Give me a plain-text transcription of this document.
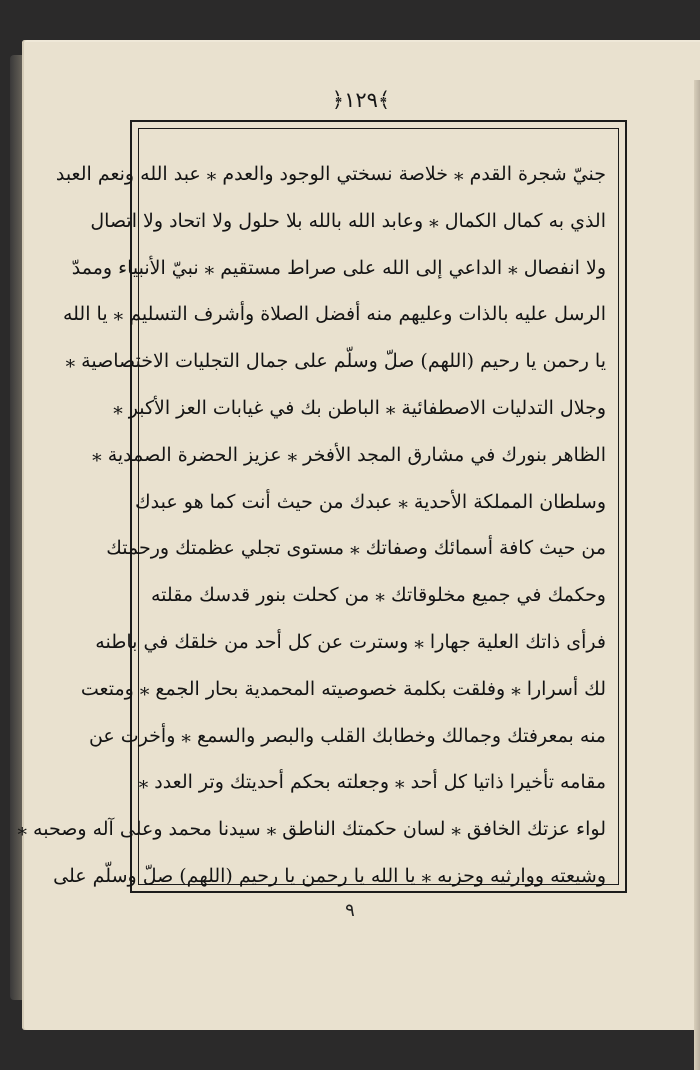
﴿١٢٩﴾
جنيّ شجرة القدم ⁎ خلاصة نسختي الوجود والعدم ⁎ عبد الله ونعم العبد
الذي به كمال الكمال ⁎ وعابد الله بالله بلا حلول ولا اتحاد ولا اتصال
ولا انفصال ⁎ الداعي إلى الله على صراط مستقيم ⁎ نبيّ الأنبياء وممدّ
الرسل عليه بالذات وعليهم منه أفضل الصلاة وأشرف التسليم ⁎ يا الله
يا رحمن يا رحيم (اللهم) صلّ وسلّم على جمال التجليات الاختصاصية ⁎
وجلال التدليات الاصطفائية ⁎ الباطن بك في غيابات العز الأكبر ⁎
الظاهر بنورك في مشارق المجد الأفخر ⁎ عزيز الحضرة الصمدية ⁎
وسلطان المملكة الأحدية ⁎ عبدك من حيث أنت كما هو عبدك
من حيث كافة أسمائك وصفاتك ⁎ مستوى تجلي عظمتك ورحمتك
وحكمك في جميع مخلوقاتك ⁎ من كحلت بنور قدسك مقلته
فرأى ذاتك العلية جهارا ⁎ وسترت عن كل أحد من خلقك في باطنه
لك أسرارا ⁎ وفلقت بكلمة خصوصيته المحمدية بحار الجمع ⁎ ومتعت
منه بمعرفتك وجمالك وخطابك القلب والبصر والسمع ⁎ وأخرت عن
مقامه تأخيرا ذاتيا كل أحد ⁎ وجعلته بحكم أحديتك وتر العدد ⁎
لواء عزتك الخافق ⁎ لسان حكمتك الناطق ⁎ سيدنا محمد وعلى آله وصحبه ⁎
وشيعته ووارثيه وحزبه ⁎ يا الله يا رحمن يا رحيم (اللهم) صلّ وسلّم على
٩
